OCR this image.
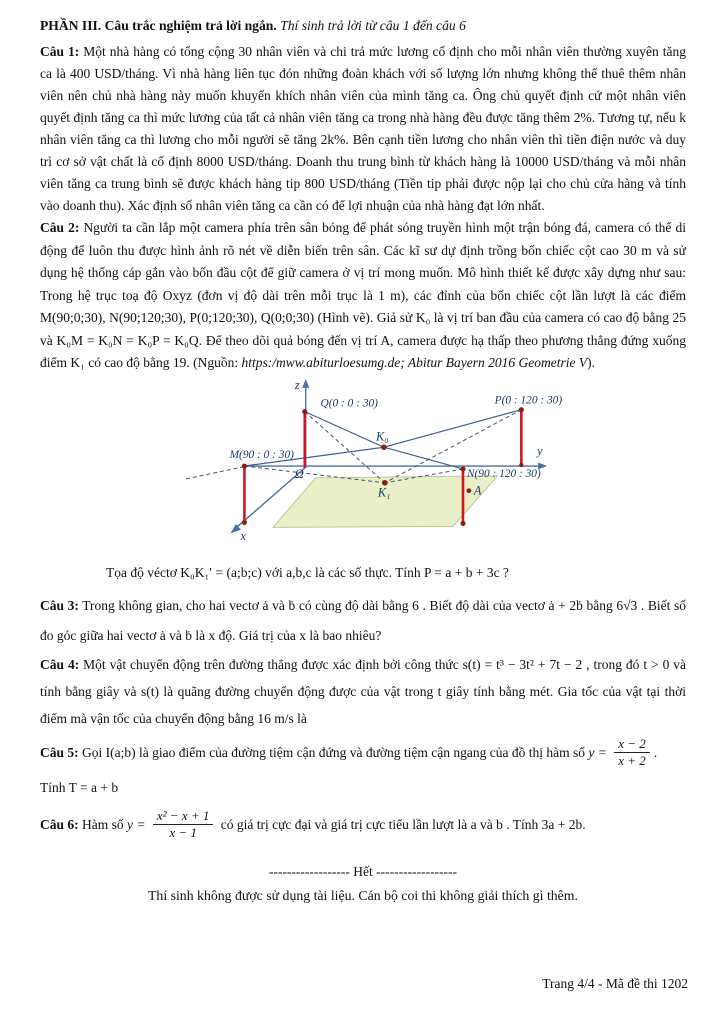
PHẦN III. Câu trắc nghiệm trả lời ngắn. Thí sinh trả lời từ câu 1 đến câu 6

Câu 1: Một nhà hàng có tổng cộng 30 nhân viên và chi trả mức lương cố định cho mỗi nhân viên thường xuyên tăng ca là 400 USD/tháng. Vì nhà hàng liên tục đón những đoàn khách với số lượng lớn nhưng không thể thuê thêm nhân viên nên chủ nhà hàng này muốn khuyến khích nhân viên của mình tăng ca. Ông chủ quyết định cứ một nhân viên quyết định tăng ca thì mức lương của tất cả nhân viên tăng ca trong nhà hàng đều được tăng thêm 2%. Tương tự, nếu k nhân viên tăng ca thì lương cho mỗi người sẽ tăng 2k%. Bên cạnh tiền lương cho nhân viên thì tiền điện nước và duy trì cơ sở vật chất là cố định 8000 USD/tháng. Doanh thu trung bình từ khách hàng là 10000 USD/tháng và mỗi nhân viên tăng ca trung bình sẽ được khách hàng tip 800 USD/tháng (Tiền tip phải được nộp lại cho chủ cửa hàng và tính vào doanh thu). Xác định số nhân viên tăng ca cần có để lợi nhuận của nhà hàng đạt lớn nhất.

Câu 2: Người ta cần lắp một camera phía trên sân bóng để phát sóng truyền hình một trận bóng đá, camera có thể di động để luôn thu được hình ảnh rõ nét về diễn biến trên sân. Các kĩ sư dự định trồng bốn chiếc cột cao 30 m và sử dụng hệ thống cáp gắn vào bốn đầu cột để giữ camera ở vị trí mong muốn. Mô hình thiết kế được xây dựng như sau: Trong hệ trục toạ độ Oxyz (đơn vị độ dài trên mỗi trục là 1 m), các đỉnh của bốn chiếc cột lần lượt là các điểm M(90;0;30), N(90;120;30), P(0;120;30), Q(0;0;30) (Hình vẽ). Giả sử K₀ là vị trí ban đầu của camera có cao độ bằng 25 và K₀M = K₀N = K₀P = K₀Q. Để theo dõi quả bóng đến vị trí A, camera được hạ thấp theo phương thẳng đứng xuống điểm K₁ có cao độ bằng 19. (Nguồn: https:/mww.abiturloesumg.de; Abitur Bayern 2016 Geometrie V).

z
y
x
Ω
Q(0 : 0 : 30)	P(0 : 120 : 30)
M(90 : 0 : 30)
N(90 : 120 : 30)
K₀
K₁	A

Tọa độ véctơ K₀K₁′ = (a;b;c) với a,b,c là các số thực. Tính P = a + b + 3c ?

Câu 3: Trong không gian, cho hai vectơ ȧ và ḃ có cùng độ dài bằng 6 . Biết độ dài của vectơ ȧ + 2ḃ bằng 6√3 . Biết số đo góc giữa hai vectơ ȧ và ḃ là x độ. Giá trị của x là bao nhiêu?

Câu 4: Một vật chuyển động trên đường thẳng được xác định bởi công thức s(t) = t³ − 3t² + 7t − 2 , trong đó t > 0 và tính bằng giây và s(t) là quãng đường chuyển động được của vật trong t giây tính bằng mét. Gia tốc của vật tại thời điểm mà vận tốc của chuyển động bằng 16 m/s là

Câu 5: Gọi I(a;b) là giao điểm của đường tiệm cận đứng và đường tiệm cận ngang của đồ thị hàm số $y = \frac{x - 2}{x + 2}$ .

Tính T = a + b

Câu 6: Hàm số $y = \frac{\text{x² − x + 1}}{x - 1}$ có giá trị cực đại và giá trị cực tiểu lần lượt là a và b . Tính 3a + 2b.

------------------ Hết ------------------

Thí sinh không được sử dụng tài liệu. Cán bộ coi thi không giải thích gì thêm.

Trang 4/4 - Mã đề thi 1202
